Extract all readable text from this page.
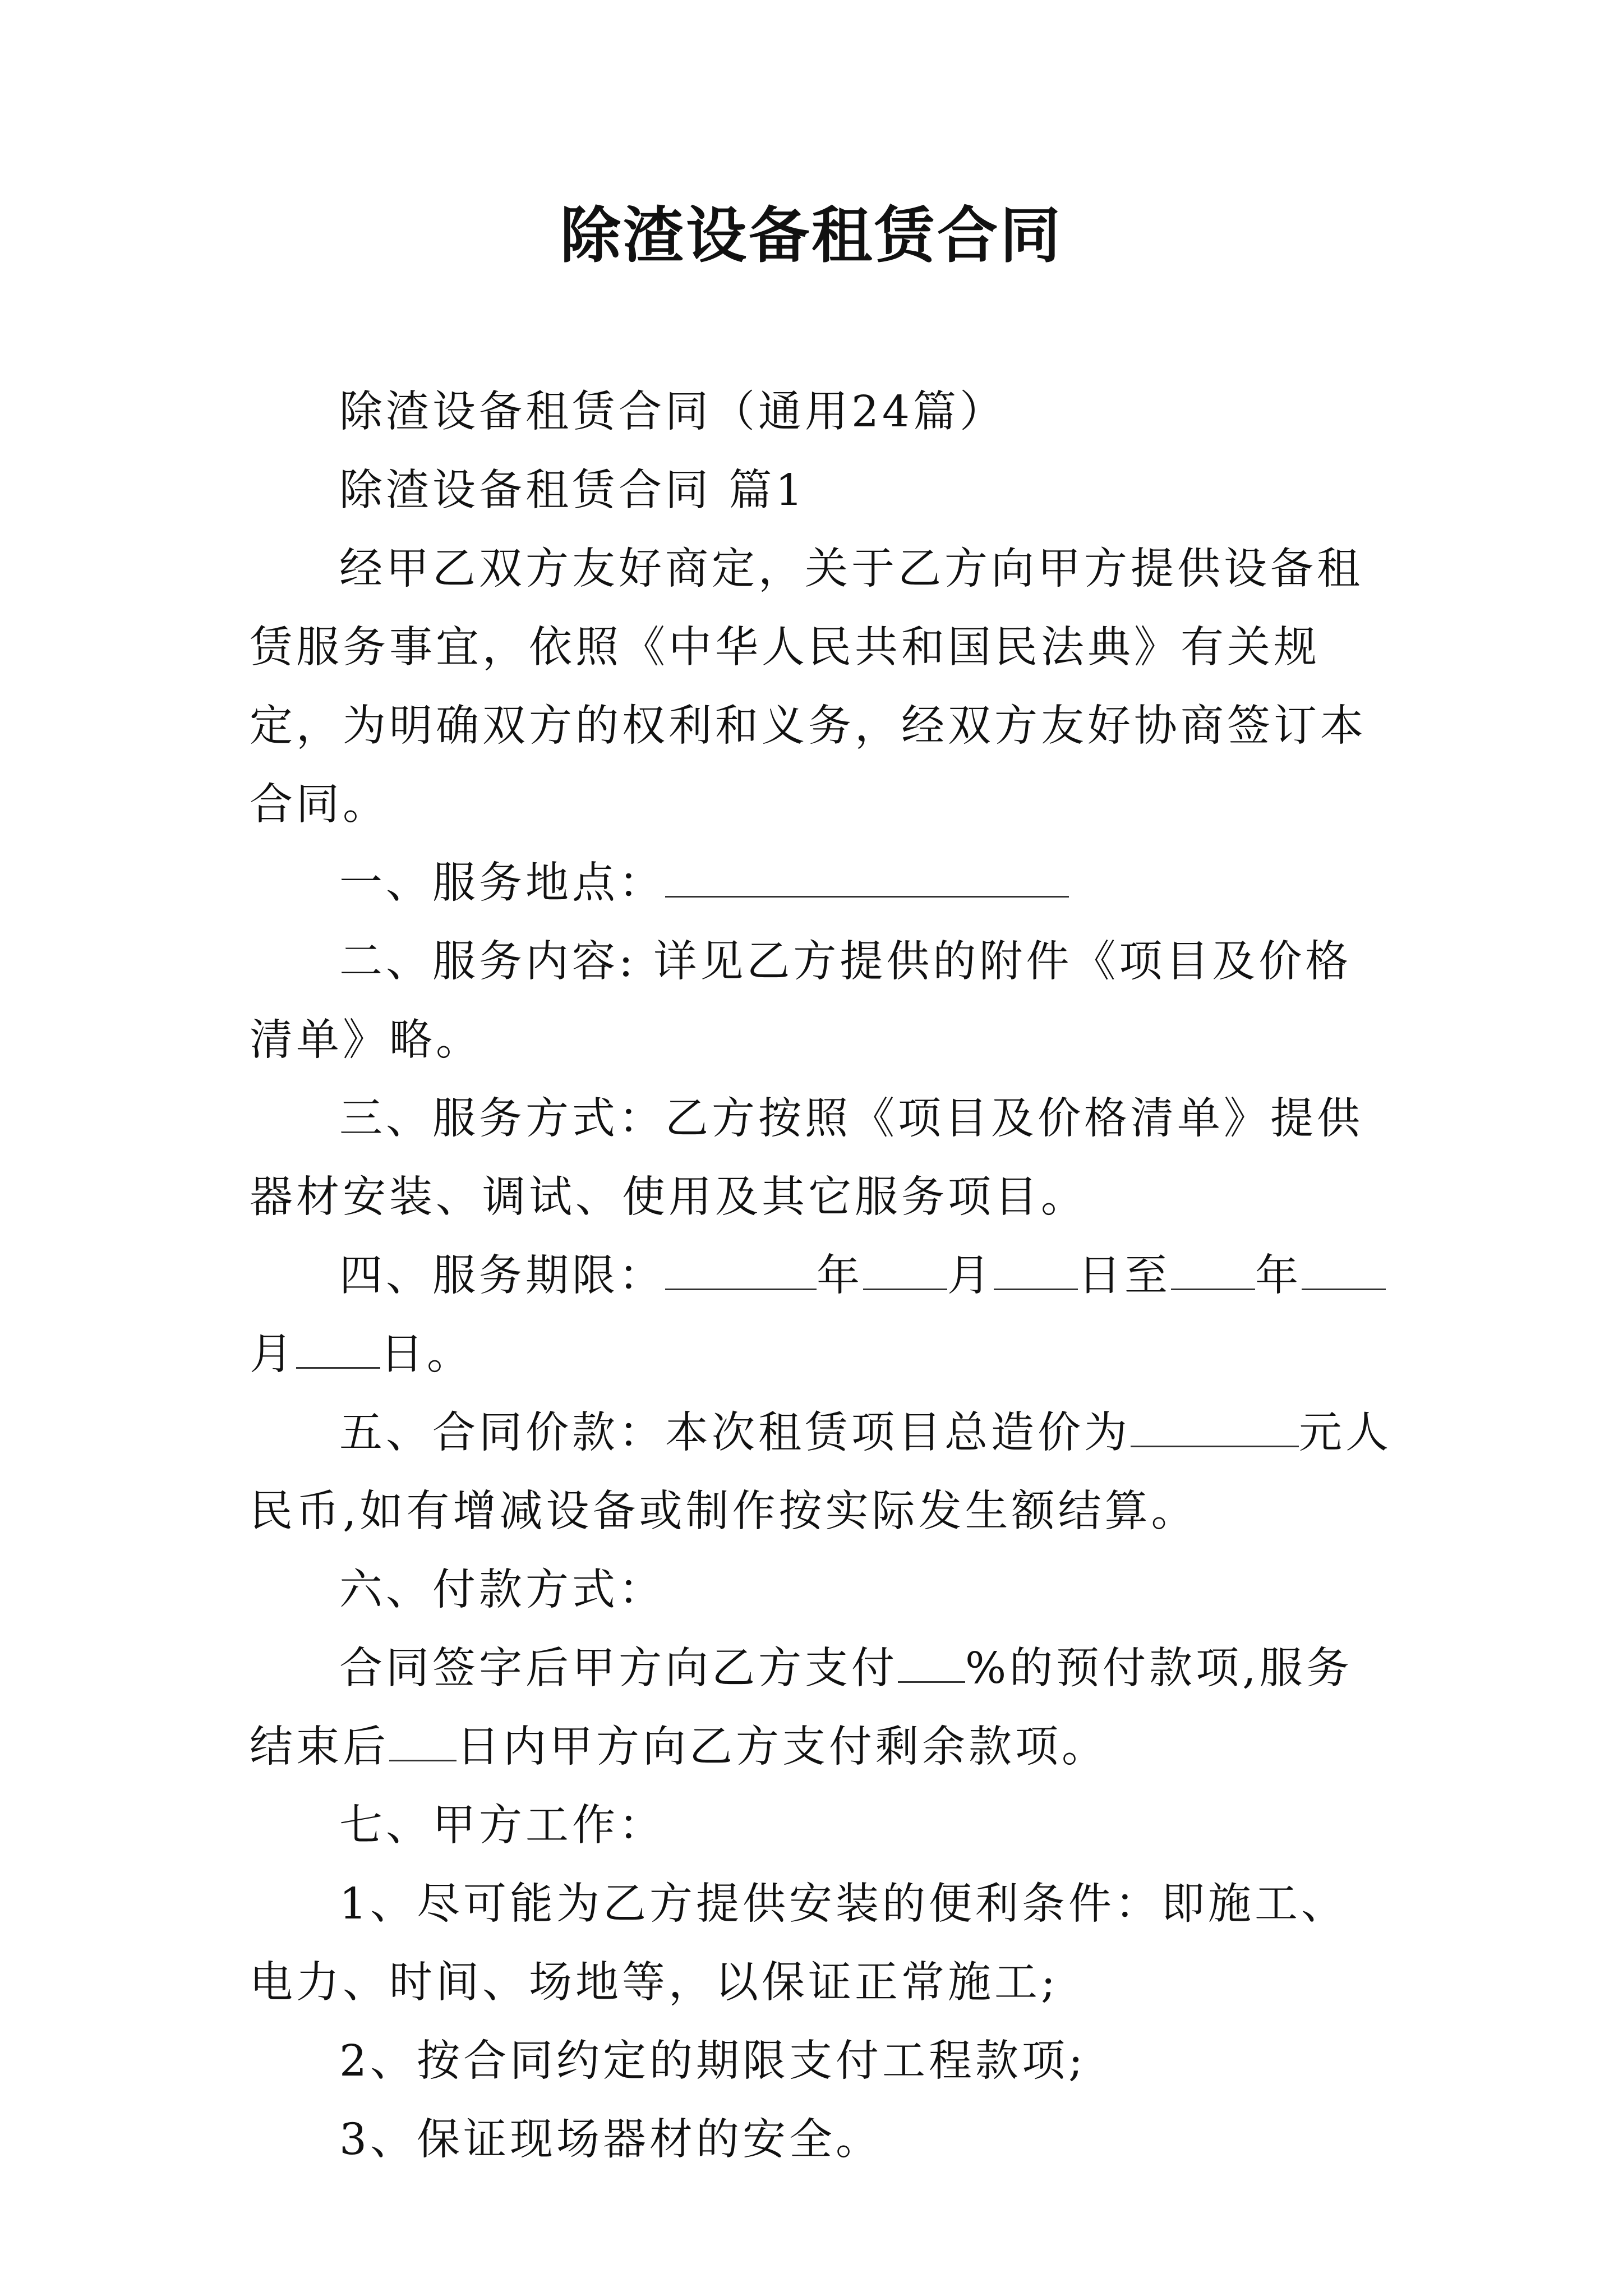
除渣设备租赁合同

除渣设备租赁合同（通用24篇）

除渣设备租赁合同 篇1

经甲乙双方友好商定，关于乙方向甲方提供设备租赁服务事宜，依照《中华人民共和国民法典》有关规定，为明确双方的权利和义务，经双方友好协商签订本合同。

一、服务地点：

二、服务内容: 详见乙方提供的附件《项目及价格清单》略。

三、服务方式：乙方按照《项目及价格清单》提供器材安装、调试、使用及其它服务项目。

四、服务期限：	年 月 日至 年月 日。

五、合同价款：本次租赁项目总造价为	元人民币,如有增减设备或制作按实际发生额结算。

六、付款方式：

合同签字后甲方向乙方支付 %的预付款项,服务结束后 日内甲方向乙方支付剩余款项。

七、甲方工作：

1、尽可能为乙方提供安装的便利条件：即施工、电力、时间、场地等，以保证正常施工;

2、按合同约定的期限支付工程款项;

3、保证现场器材的安全。
